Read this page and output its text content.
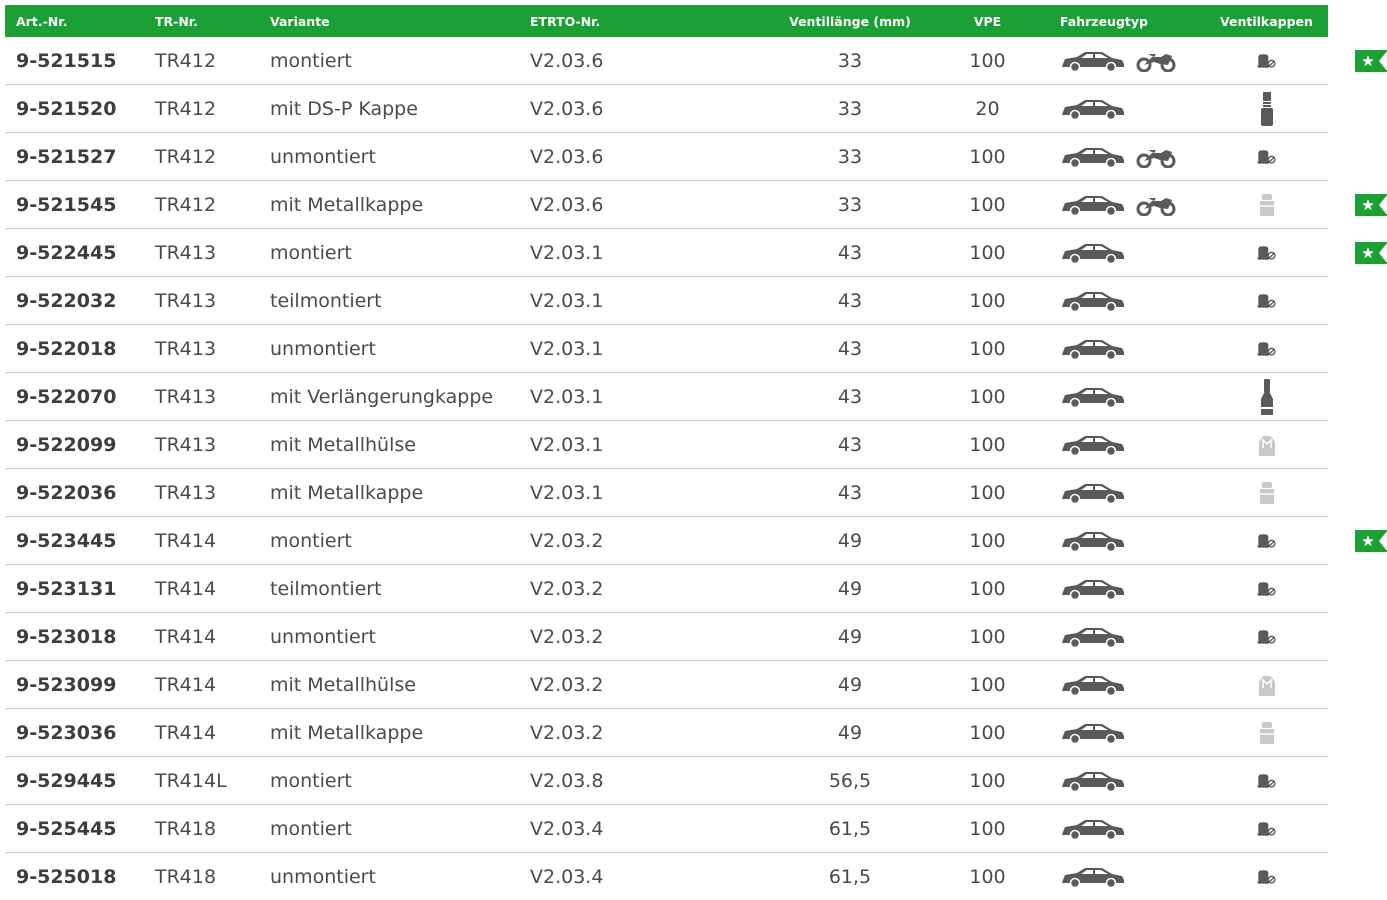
Art.-Nr.	TR-Nr.	Variante	ETRTO-Nr.	Ventillänge (mm)	VPE	Fahrzeugtyp	Ventilkappen
9-521515 TR412	montiert	V2.03.6	33	100
9-521520 TR412	mit DS-P Kappe	V2.03.6	33	20
9-521527 TR412	unmontiert	V2.03.6	33	100
9-521545 TR412	mit Metallkappe	V2.03.6	33	100
9-522445 TR413	montiert	V2.03.1	43	100
9-522032 TR413	teilmontiert	V2.03.1	43	100
9-522018 TR413	unmontiert	V2.03.1	43	100
9-522070 TR413	mit Verlängerungkappe V2.03.1	43	100
9-522099 TR413	mit Metallhülse	V2.03.1	43	100
9-522036 TR413	mit Metallkappe	V2.03.1	43	100
9-523445 TR414	montiert	V2.03.2	49	100
9-523131 TR414	teilmontiert	V2.03.2	49	100
9-523018 TR414	unmontiert	V2.03.2	49	100
9-523099 TR414	mit Metallhülse	V2.03.2	49	100
9-523036 TR414	mit Metallkappe	V2.03.2	49	100
9-529445 TR414L montiert	V2.03.8	56,5	100
9-525445 TR418	montiert	V2.03.4	61,5	100
9-525018 TR418	unmontiert	V2.03.4	61,5	100
